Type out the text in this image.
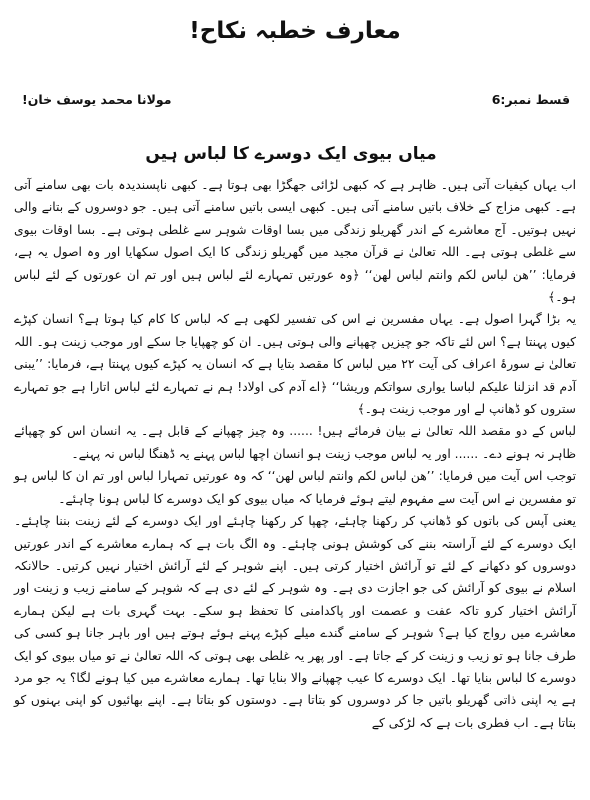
معارف خطبہ نکاح!
قسط نمبر:6
مولانا محمد یوسف خان!
میاں بیوی ایک دوسرے کا لباس ہیں

اب یہاں کیفیات آتی ہیں۔ ظاہر ہے کہ کبھی لڑائی جھگڑا بھی ہوتا ہے۔ کبھی ناپسندیدہ بات بھی سامنے آتی ہے۔ کبھی مزاج کے خلاف باتیں سامنے آتی ہیں۔ کبھی ایسی باتیں سامنے آتی ہیں۔ جو دوسروں کے بتانے والی نہیں ہوتیں۔ آج معاشرے کے اندر گھریلو زندگی میں بسا اوقات شوہر سے غلطی ہوتی ہے۔ بسا اوقات بیوی سے غلطی ہوتی ہے۔ اللہ تعالیٰ نے قرآن مجید میں گھریلو زندگی کا ایک اصول سکھایا اور وہ اصول یہ ہے، فرمایا: ’’ھن لباس لکم وانتم لباس لھن‘‘ ﴿وہ عورتیں تمہارے لئے لباس ہیں اور تم ان عورتوں کے لئے لباس ہو۔﴾

یہ بڑا گہرا اصول ہے۔ یہاں مفسرین نے اس کی تفسیر لکھی ہے کہ لباس کا کام کیا ہوتا ہے؟ انسان کپڑے کیوں پہنتا ہے؟ اس لئے تاکہ جو چیزیں چھپانے والی ہوتی ہیں۔ ان کو چھپایا جا سکے اور موجب زینت ہو۔ اللہ تعالیٰ نے سورۂ اعراف کی آیت ۲۲ میں لباس کا مقصد بتایا ہے کہ انسان یہ کپڑے کیوں پہنتا ہے، فرمایا: ’’یبنی آدم قد انزلنا علیکم لباسا یواری سواتکم وریشا‘‘ ﴿اے آدم کی اولاد! ہم نے تمہارے لئے لباس اتارا ہے جو تمہارے ستروں کو ڈھانپ لے اور موجب زینت ہو۔﴾

لباس کے دو مقصد اللہ تعالیٰ نے بیان فرمائے ہیں! ...... وہ چیز چھپانے کے قابل ہے۔ یہ انسان اس کو چھپائے ظاہر نہ ہونے دے۔ ...... اور یہ لباس موجب زینت ہو انسان اچھا لباس پہنے یہ ڈھنگا لباس نہ پہنے۔

توجب اس آیت میں فرمایا: ’’ھن لباس لکم وانتم لباس لھن‘‘ کہ وہ عورتیں تمہارا لباس اور تم ان کا لباس ہو تو مفسرین نے اس آیت سے مفہوم لیتے ہوئے فرمایا کہ میاں بیوی کو ایک دوسرے کا لباس ہونا چاہئے۔

یعنی آپس کی باتوں کو ڈھانپ کر رکھنا چاہئے، چھپا کر رکھنا چاہئے اور ایک دوسرے کے لئے زینت بننا چاہئے۔ ایک دوسرے کے لئے آراستہ بننے کی کوشش ہونی چاہئے۔ وہ الگ بات ہے کہ ہمارے معاشرے کے اندر عورتیں دوسروں کو دکھانے کے لئے تو آرائش اختیار کرتی ہیں۔ اپنے شوہر کے لئے آرائش اختیار نہیں کرتیں۔ حالانکہ اسلام نے بیوی کو آرائش کی جو اجازت دی ہے۔ وہ شوہر کے لئے دی ہے کہ شوہر کے سامنے زیب و زینت اور آرائش اختیار کرو تاکہ عفت و عصمت اور پاکدامنی کا تحفظ ہو سکے۔ بہت گہری بات ہے لیکن ہمارے معاشرے میں رواج کیا ہے؟ شوہر کے سامنے گندے میلے کپڑے پہنے ہوئے ہوتے ہیں اور باہر جانا ہو کسی کی طرف جانا ہو تو زیب و زینت کر کے جاتا ہے۔ اور پھر یہ غلطی بھی ہوتی کہ اللہ تعالیٰ نے تو میاں بیوی کو ایک دوسرے کا لباس بنایا تھا۔ ایک دوسرے کا عیب چھپانے والا بنایا تھا۔ ہمارے معاشرے میں کیا ہونے لگا؟ یہ جو مرد ہے یہ اپنی ذاتی گھریلو باتیں جا کر دوسروں کو بتاتا ہے۔ دوستوں کو بتاتا ہے۔ اپنے بھائیوں کو اپنی بہنوں کو بتاتا ہے۔ اب فطری بات ہے کہ لڑکی کے
